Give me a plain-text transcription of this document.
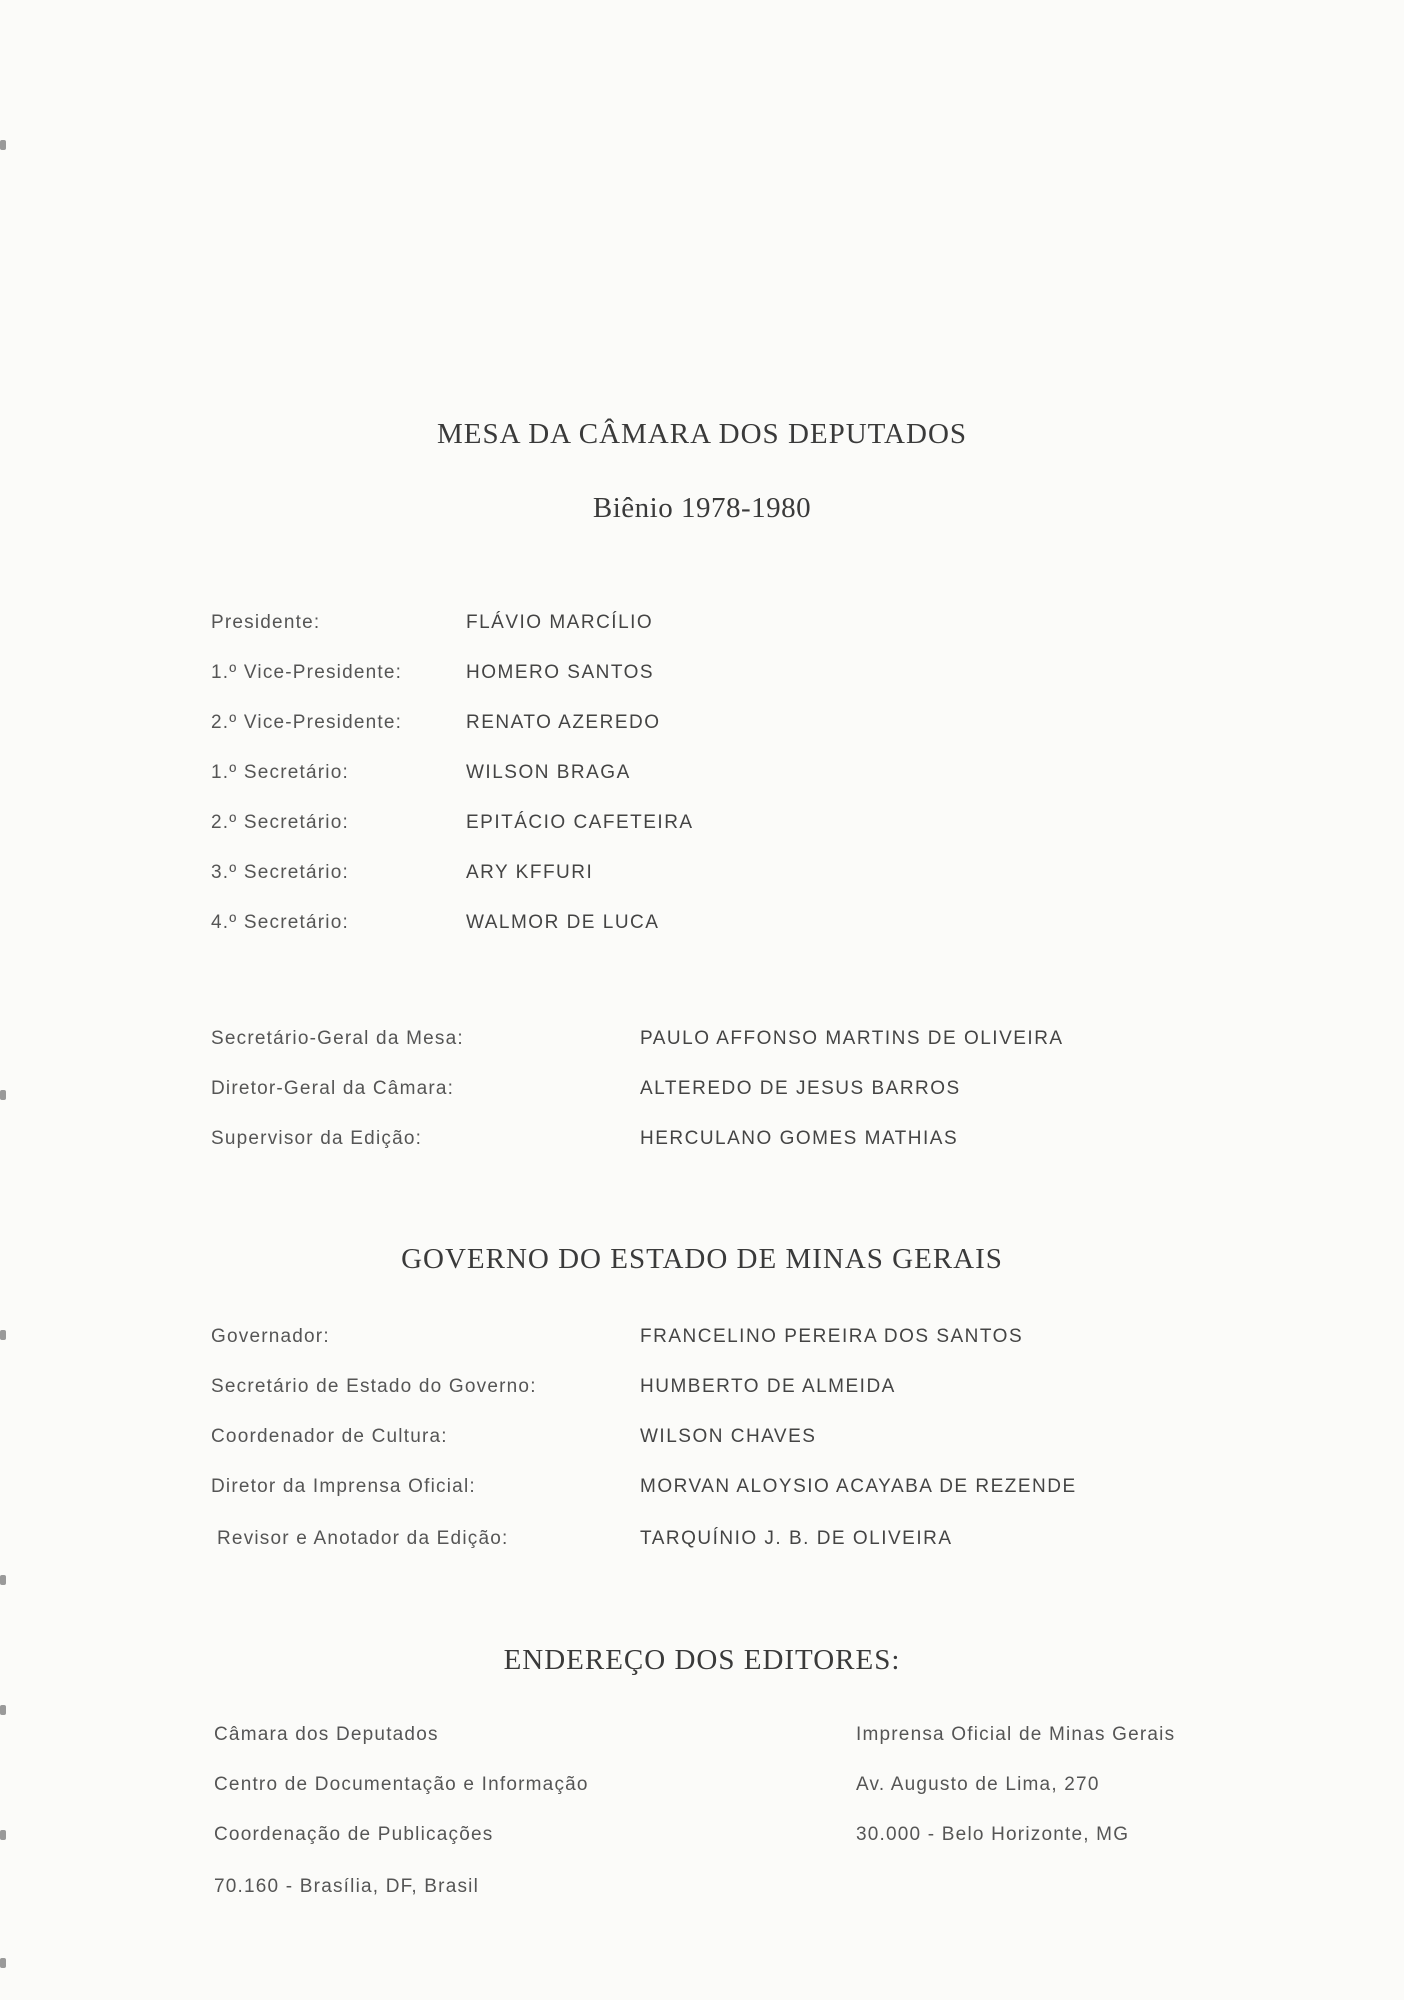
MESA DA CÂMARA DOS DEPUTADOS
Biênio 1978-1980
Presidente:	FLÁVIO MARCÍLIO
1.º Vice-Presidente:	HOMERO SANTOS
2.º Vice-Presidente:	RENATO AZEREDO
1.º Secretário:	WILSON BRAGA
2.º Secretário:	EPITÁCIO CAFETEIRA
3.º Secretário:	ARY KFFURI
4.º Secretário:	WALMOR DE LUCA
Secretário-Geral da Mesa:	PAULO AFFONSO MARTINS DE OLIVEIRA
Diretor-Geral da Câmara:	ALTEREDO DE JESUS BARROS
Supervisor da Edição:	HERCULANO GOMES MATHIAS
GOVERNO DO ESTADO DE MINAS GERAIS
Governador:	FRANCELINO PEREIRA DOS SANTOS
Secretário de Estado do Governo:	HUMBERTO DE ALMEIDA
Coordenador de Cultura:	WILSON CHAVES
Diretor da Imprensa Oficial:	MORVAN ALOYSIO ACAYABA DE REZENDE
Revisor e Anotador da Edição:	TARQUÍNIO J. B. DE OLIVEIRA
ENDEREÇO DOS EDITORES:
Câmara dos Deputados
Centro de Documentação e Informação
Coordenação de Publicações
70.160 - Brasília, DF, Brasil
Imprensa Oficial de Minas Gerais
Av. Augusto de Lima, 270
30.000 - Belo Horizonte, MG
